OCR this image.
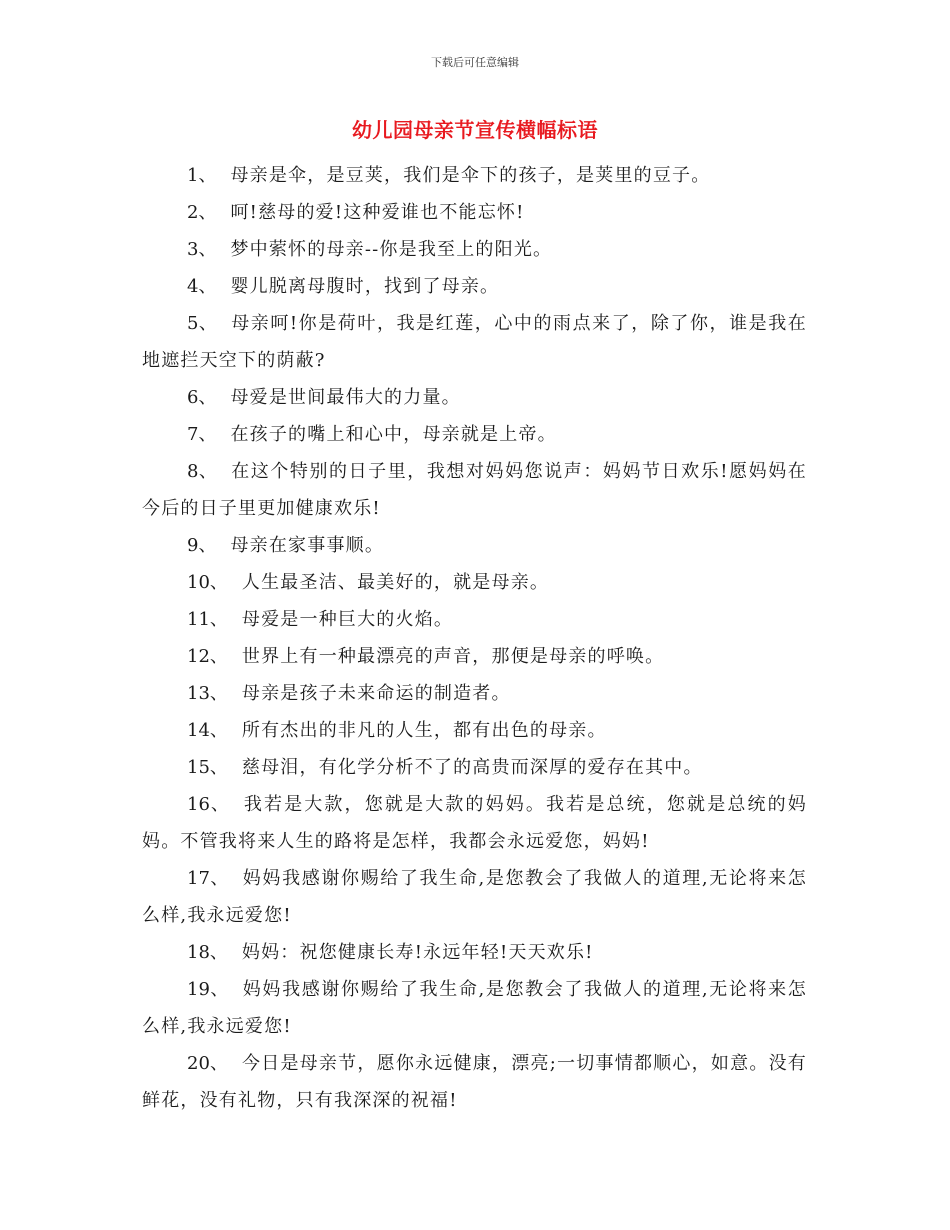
下载后可任意编辑
幼儿园母亲节宣传横幅标语
1 、 母亲是伞，是豆荚，我们是伞下的孩子，是荚里的豆子。
2 、 呵!慈母的爱!这种爱谁也不能忘怀!
3 、 梦中萦怀的母亲--你是我至上的阳光。
4 、 婴儿脱离母腹时，找到了母亲。
5 、 母亲呵!你是荷叶，我是红莲，心中的雨点来了，除了你，谁是我在地遮拦天空下的荫蔽?
6 、 母爱是世间最伟大的力量。
7 、 在孩子的嘴上和心中，母亲就是上帝。
8 、 在这个特别的日子里，我想对妈妈您说声：妈妈节日欢乐!愿妈妈在今后的日子里更加健康欢乐!
9 、 母亲在家事事顺。
10 、 人生最圣洁、最美好的，就是母亲。
11 、 母爱是一种巨大的火焰。
12 、 世界上有一种最漂亮的声音，那便是母亲的呼唤。
13 、 母亲是孩子未来命运的制造者。
14 、 所有杰出的非凡的人生，都有出色的母亲。
15 、 慈母泪，有化学分析不了的高贵而深厚的爱存在其中。
16 、 我若是大款，您就是大款的妈妈。我若是总统，您就是总统的妈妈。不管我将来人生的路将是怎样，我都会永远爱您，妈妈!
17 、 妈妈我感谢你赐给了我生命,是您教会了我做人的道理,无论将来怎么样,我永远爱您!
18 、 妈妈：祝您健康长寿!永远年轻!天天欢乐!
19 、 妈妈我感谢你赐给了我生命,是您教会了我做人的道理,无论将来怎么样,我永远爱您!
20 、 今日是母亲节，愿你永远健康，漂亮;一切事情都顺心，如意。没有鲜花，没有礼物，只有我深深的祝福!
